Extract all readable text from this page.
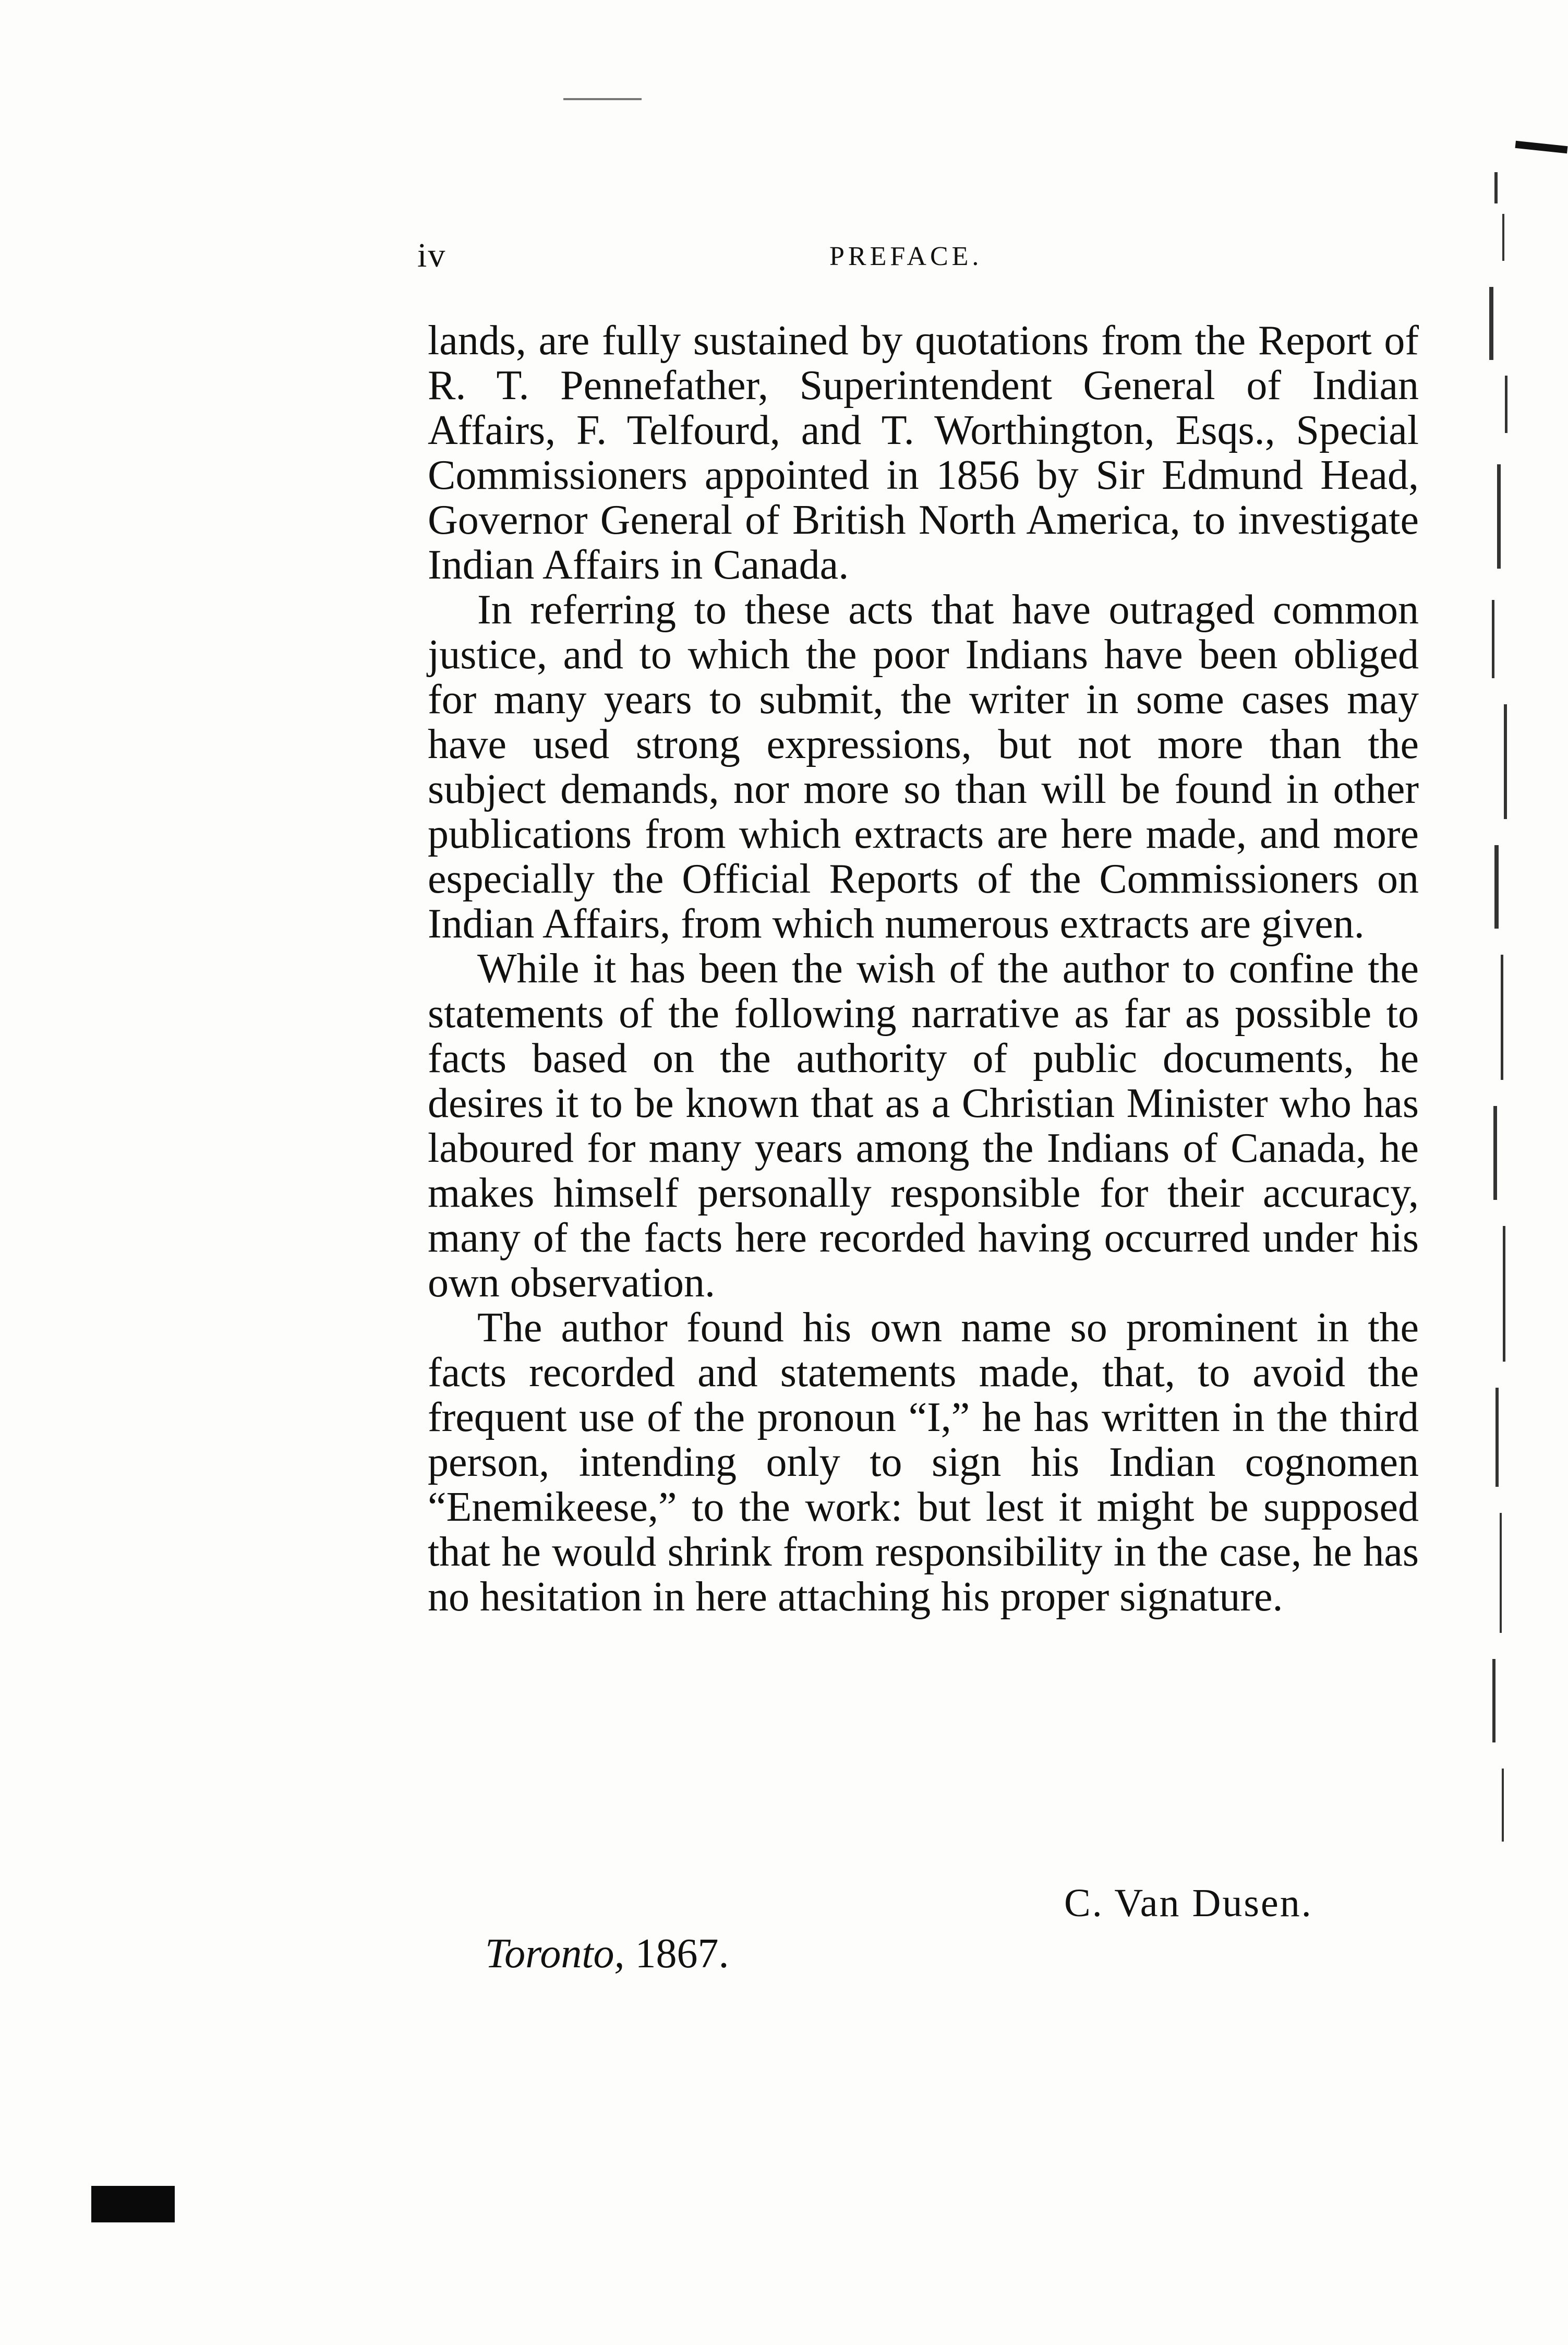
iv	PREFACE.

lands, are fully sustained by quotations from the Report of R. T. Pennefather, Superintendent General of Indian Affairs, F. Telfourd, and T. Worthington, Esqs., Special Commissioners appointed in 1856 by Sir Edmund Head, Governor General of British North America, to investigate Indian Affairs in Canada.

In referring to these acts that have outraged common justice, and to which the poor Indians have been obliged for many years to submit, the writer in some cases may have used strong expressions, but not more than the subject demands, nor more so than will be found in other publications from which extracts are here made, and more especially the Official Reports of the Commissioners on Indian Affairs, from which numerous extracts are given.

While it has been the wish of the author to confine the statements of the following narrative as far as possible to facts based on the authority of public documents, he desires it to be known that as a Christian Minister who has laboured for many years among the Indians of Canada, he makes himself personally responsible for their accuracy, many of the facts here recorded having occurred under his own observation.

The author found his own name so prominent in the facts recorded and statements made, that, to avoid the frequent use of the pronoun “I,” he has written in the third person, intending only to sign his Indian cognomen “Enemikeese,” to the work: but lest it might be supposed that he would shrink from responsibility in the case, he has no hesitation in here attaching his proper signature.

C. Van Dusen.
Toronto, 1867.
